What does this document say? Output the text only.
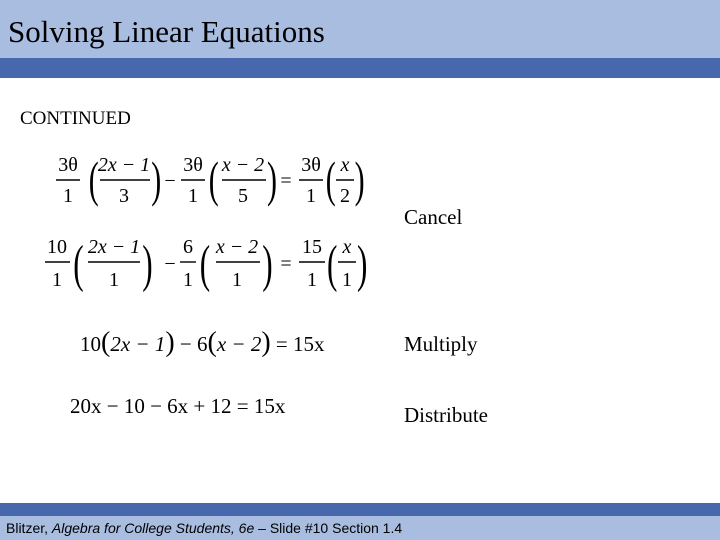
Solving Linear Equations
CONTINUED
3θ
1 ( 2x − 1
3 ) −
3θ
1 ( x − 2
5 ) =
3θ
1 ( x
2 )
10
1 ( 2x − 1
1 ) −
6
1 ( x − 2
1 ) =
15
1 ( x
1 )
10(2x − 1) − 6(x − 2) = 15x
20x − 10 − 6x + 12 = 15x
Cancel
Multiply
Distribute
Blitzer, Algebra for College Students, 6e – Slide #10 Section 1.4
